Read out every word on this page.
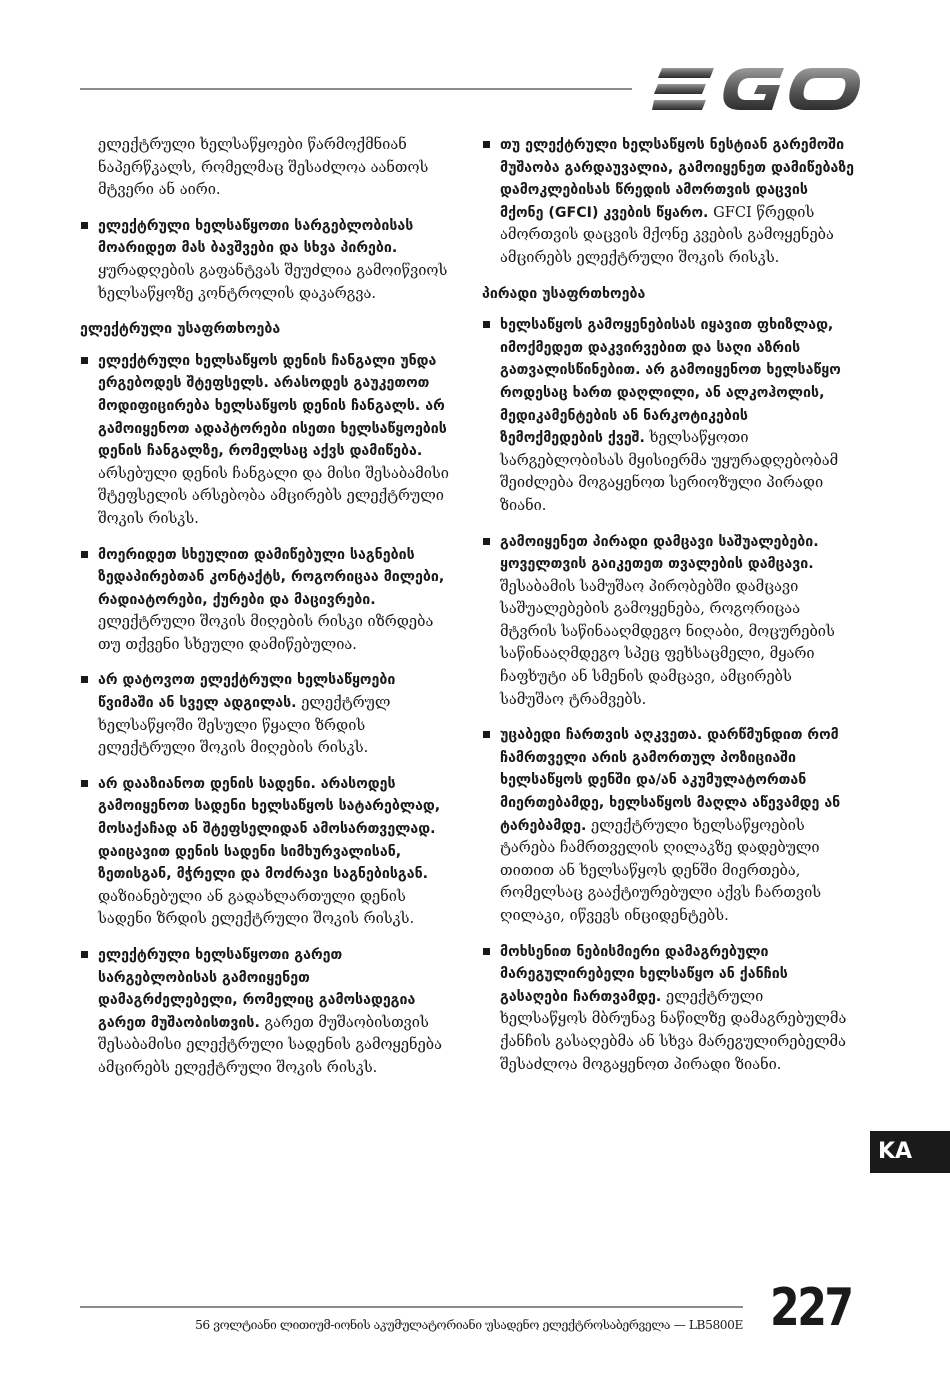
ელექტრული ხელსაწყოები წარმოქმნიან ნაპერწკალს, რომელმაც შესაძლოა აანთოს მტვერი ან აირი.

ელექტრული ხელსაწყოთი სარგებლობისას მოარიდეთ მას ბავშვები და სხვა პირები. ყურადღების გაფანტვას შეუძლია გამოიწვიოს ხელსაწყოზე კონტროლის დაკარგვა.
ელექტრული უსაფრთხოება
ელექტრული ხელსაწყოს დენის ჩანგალი უნდა ერგებოდეს შტეფსელს. არასოდეს გაუკეთოთ მოდიფიცირება ხელსაწყოს დენის ჩანგალს. არ გამოიყენოთ ადაპტორები ისეთი ხელსაწყოების დენის ჩანგალზე, რომელსაც აქვს დამიწება. არსებული დენის ჩანგალი და მისი შესაბამისი შტეფსელის არსებობა ამცირებს ელექტრული შოკის რისკს.
მოერიდეთ სხეულით დამიწებული საგნების ზედაპირებთან კონტაქტს, როგორიცაა მილები, რადიატორები, ქურები და მაცივრები. ელექტრული შოკის მიღების რისკი იზრდება თუ თქვენი სხეული დამიწებულია.
არ დატოვოთ ელექტრული ხელსაწყოები წვიმაში ან სველ ადგილას. ელექტრულ ხელსაწყოში შესული წყალი ზრდის ელექტრული შოკის მიღების რისკს.
არ დააზიანოთ დენის სადენი. არასოდეს გამოიყენოთ სადენი ხელსაწყოს სატარებლად, მოსაქაჩად ან შტეფსელიდან ამოსართველად. დაიცავით დენის სადენი სიმხურვალისან, ზეთისგან, მჭრელი და მოძრავი საგნებისგან. დაზიანებული ან გადახლართული დენის სადენი ზრდის ელექტრული შოკის რისკს.
ელექტრული ხელსაწყოთი გარეთ სარგებლობისას გამოიყენეთ დამაგრძელებელი, რომელიც გამოსადეგია გარეთ მუშაობისთვის. გარეთ მუშაობისთვის შესაბამისი ელექტრული სადენის გამოყენება ამცირებს ელექტრული შოკის რისკს.
თუ ელექტრული ხელსაწყოს ნესტიან გარემოში მუშაობა გარდაუვალია, გამოიყენეთ დამიწებაზე დამოკლებისას წრედის ამორთვის დაცვის მქონე (GFCI) კვების წყარო. GFCI წრედის ამორთვის დაცვის მქონე კვების გამოყენება ამცირებს ელექტრული შოკის რისკს.
პირადი უსაფრთხოება
ხელსაწყოს გამოყენებისას იყავით ფხიზლად, იმოქმედეთ დაკვირვებით და საღი აზრის გათვალისწინებით. არ გამოიყენოთ ხელსაწყო როდესაც ხართ დაღლილი, ან ალკოჰოლის, მედიკამენტების ან ნარკოტიკების ზემოქმედების ქვეშ. ხელსაწყოთი სარგებლობისას მყისიერმა უყურადღებობამ შეიძლება მოგაყენოთ სერიოზული პირადი ზიანი.
გამოიყენეთ პირადი დამცავი საშუალებები. ყოველთვის გაიკეთეთ თვალების დამცავი. შესაბამის სამუშაო პირობებში დამცავი საშუალებების გამოყენება, როგორიცაა მტვრის საწინააღმდეგო ნიღაბი, მოცურების საწინააღმდეგო სპეც ფეხსაცმელი, მყარი ჩაფხუტი ან სმენის დამცავი, ამცირებს სამუშაო ტრამვებს.
უცაბედი ჩართვის აღკვეთა. დარწმუნდით რომ ჩამრთველი არის გამორთულ პოზიციაში ხელსაწყოს დენში და/ან აკუმულატორთან მიერთებამდე, ხელსაწყოს მაღლა აწევამდე ან ტარებამდე. ელექტრული ხელსაწყოების ტარება ჩამრთველის ღილაკზე დადებული თითით ან ხელსაწყოს დენში მიერთება, რომელსაც გააქტიურებული აქვს ჩართვის ღილაკი, იწვევს ინციდენტებს.
მოხსენით ნებისმიერი დამაგრებული მარეგულირებელი ხელსაწყო ან ქანჩის გასაღები ჩართვამდე. ელექტრული ხელსაწყოს მბრუნავ ნაწილზე დამაგრებულმა ქანჩის გასაღებმა ან სხვა მარეგულირებელმა შესაძლოა მოგაყენოთ პირადი ზიანი.
KA
56 ვოლტიანი ლითიუმ-იონის აკუმულატორიანი უსადენო ელექტროსაბერველა — LB5800E 227
